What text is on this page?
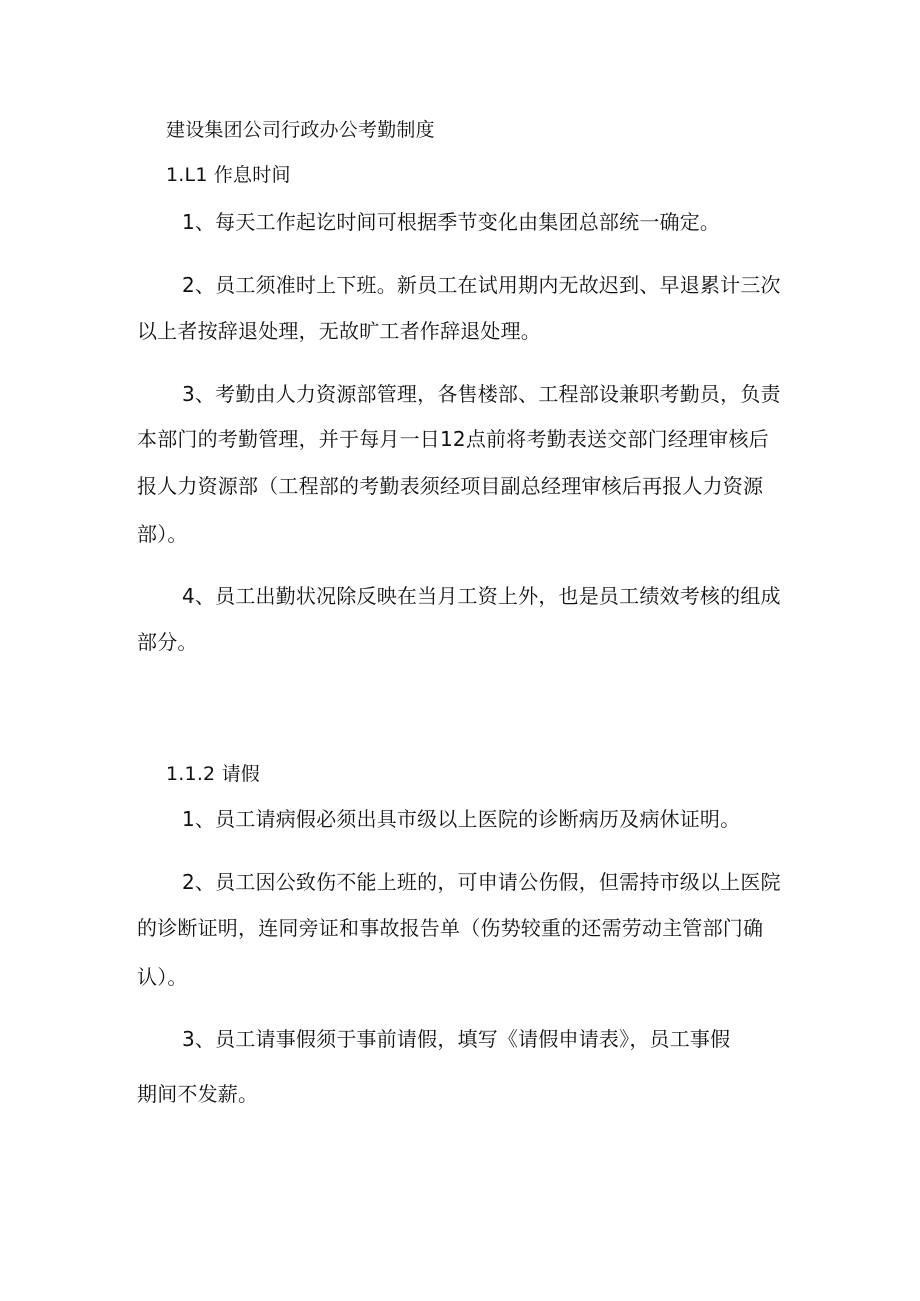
建设集团公司行政办公考勤制度

1.L1 作息时间

1、每天工作起讫时间可根据季节变化由集团总部统一确定。

2、员工须准时上下班。新员工在试用期内无故迟到、早退累计三次

以上者按辞退处理，无故旷工者作辞退处理。

3、考勤由人力资源部管理，各售楼部、工程部设兼职考勤员，负责

本部门的考勤管理，并于每月一日12点前将考勤表送交部门经理审核后

报人力资源部（工程部的考勤表须经项目副总经理审核后再报人力资源

部）。

4、员工出勤状况除反映在当月工资上外，也是员工绩效考核的组成

部分。

1.1.2 请假

1、员工请病假必须出具市级以上医院的诊断病历及病休证明。

2、员工因公致伤不能上班的，可申请公伤假，但需持市级以上医院

的诊断证明，连同旁证和事故报告单（伤势较重的还需劳动主管部门确

认）。

3、员工请事假须于事前请假，填写《请假申请表》，员工事假

期间不发薪。
